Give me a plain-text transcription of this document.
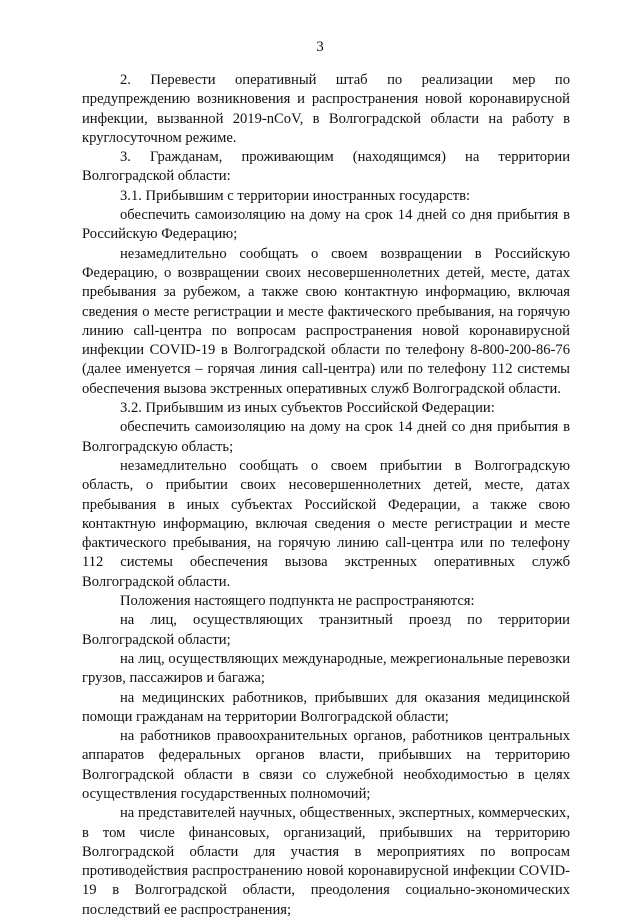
3

2. Перевести оперативный штаб по реализации мер по предупреждению возникновения и распространения новой коронавирусной инфекции, вызванной 2019-nCoV, в Волгоградской области на работу в круглосуточном режиме.

3. Гражданам, проживающим (находящимся) на территории Волгоградской области:

3.1. Прибывшим с территории иностранных государств:

обеспечить самоизоляцию на дому на срок 14 дней со дня прибытия в Российскую Федерацию;

незамедлительно сообщать о своем возвращении в Российскую Федерацию, о возвращении своих несовершеннолетних детей, месте, датах пребывания за рубежом, а также свою контактную информацию, включая сведения о месте регистрации и месте фактического пребывания, на горячую линию call-центра по вопросам распространения новой коронавирусной инфекции COVID-19 в Волгоградской области по телефону 8-800-200-86-76 (далее именуется – горячая линия call-центра) или по телефону 112 системы обеспечения вызова экстренных оперативных служб Волгоградской области.

3.2. Прибывшим из иных субъектов Российской Федерации:

обеспечить самоизоляцию на дому на срок 14 дней со дня прибытия в Волгоградскую область;

незамедлительно сообщать о своем прибытии в Волгоградскую область, о прибытии своих несовершеннолетних детей, месте, датах пребывания в иных субъектах Российской Федерации, а также свою контактную информацию, включая сведения о месте регистрации и месте фактического пребывания, на горячую линию call-центра или по телефону 112 системы обеспечения вызова экстренных оперативных служб Волгоградской области.

Положения настоящего подпункта не распространяются:

на лиц, осуществляющих транзитный проезд по территории Волгоградской области;

на лиц, осуществляющих международные, межрегиональные перевозки грузов, пассажиров и багажа;

на медицинских работников, прибывших для оказания медицинской помощи гражданам на территории Волгоградской области;

на работников правоохранительных органов, работников центральных аппаратов федеральных органов власти, прибывших на территорию Волгоградской области в связи со служебной необходимостью в целях осуществления государственных полномочий;

на представителей научных, общественных, экспертных, коммерческих, в том числе финансовых, организаций, прибывших на территорию Волгоградской области для участия в мероприятиях по вопросам противодействия распространению новой коронавирусной инфекции COVID-19 в Волгоградской области, преодоления социально-экономических последствий ее распространения;
